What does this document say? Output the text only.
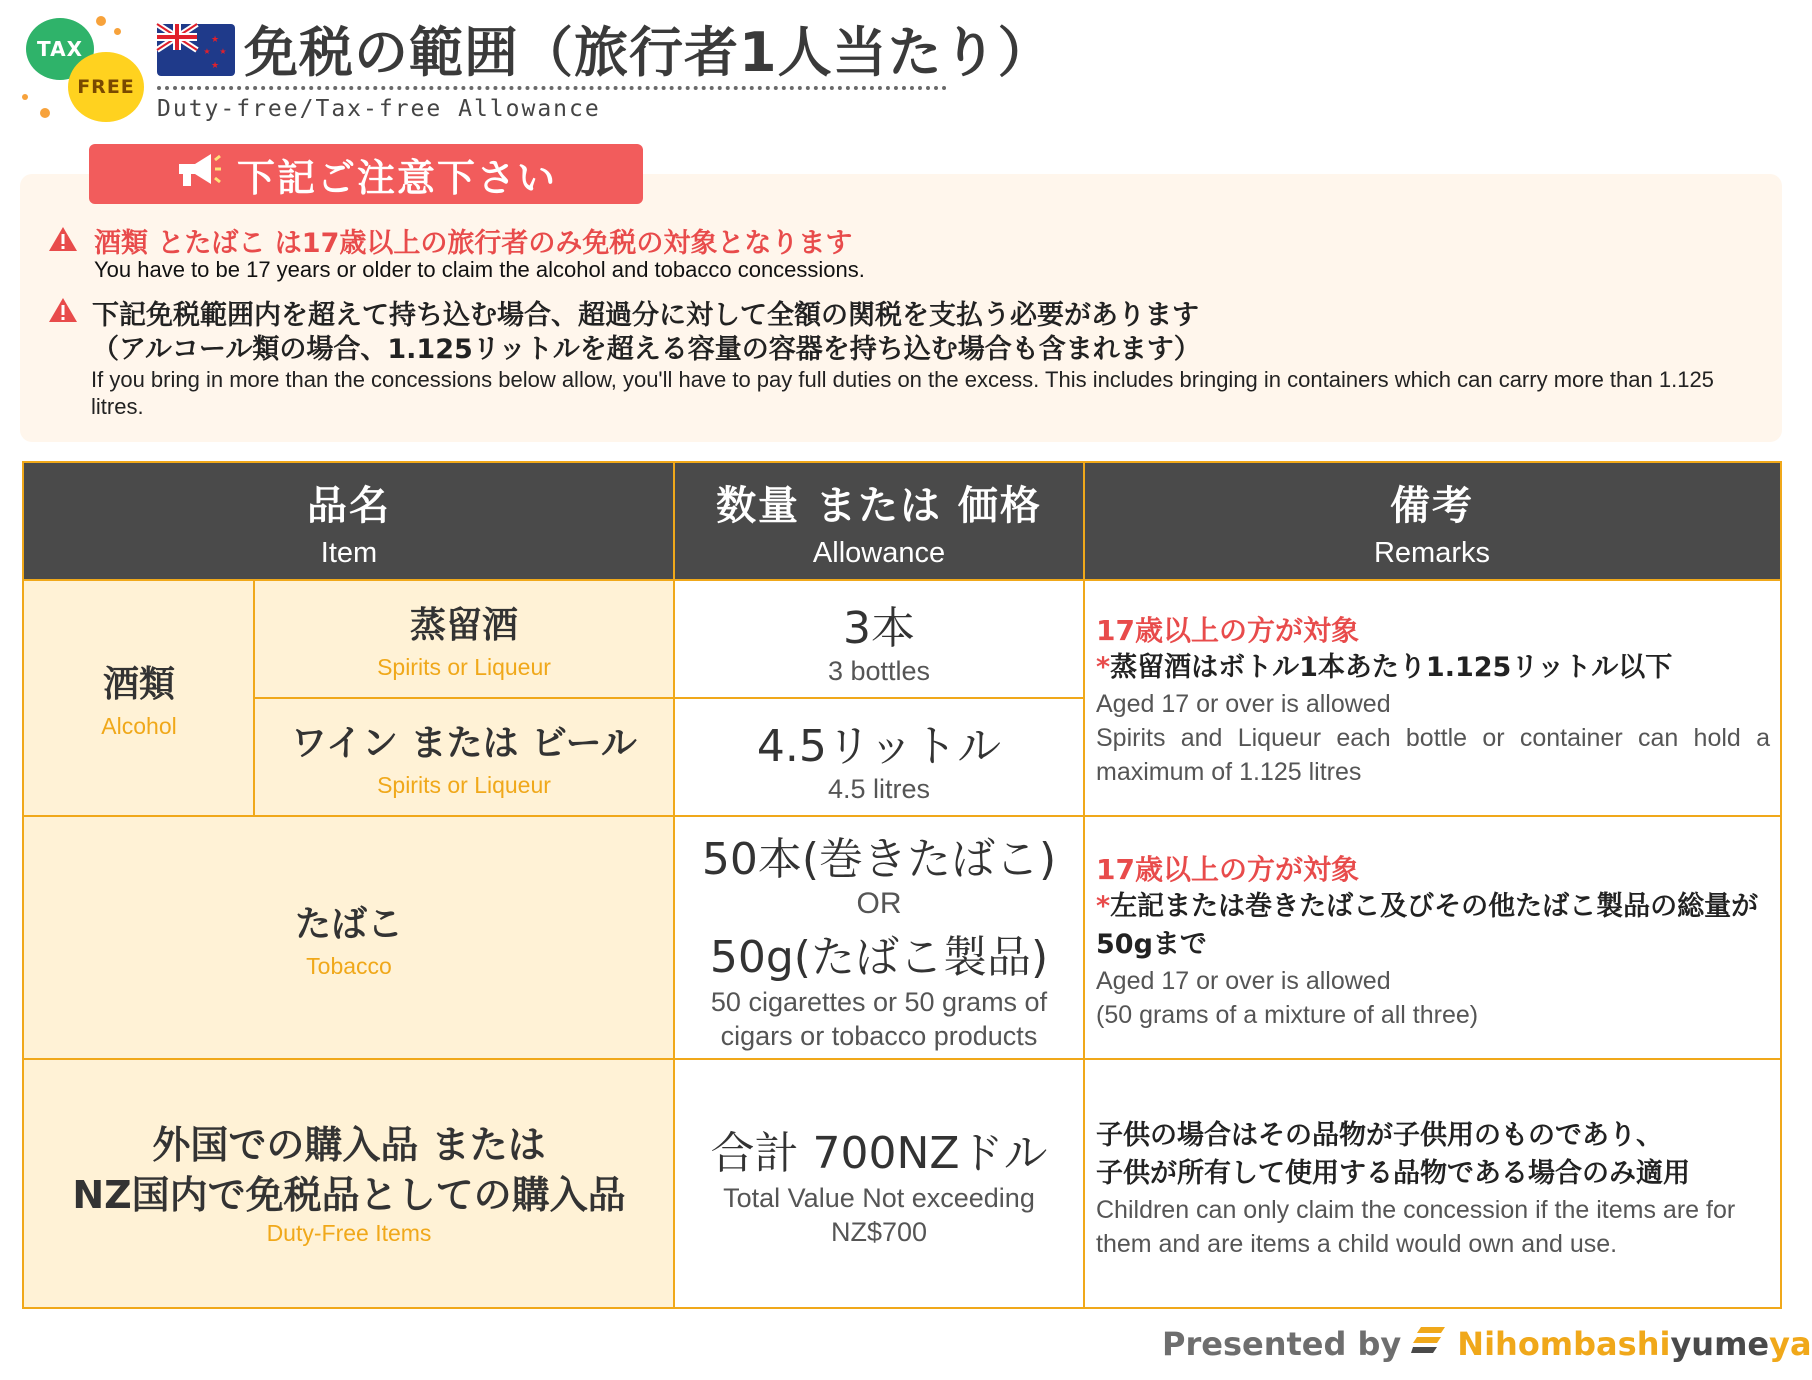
TAX
FREE
★
★ ★
★ 免税の範囲（旅行者1人当たり）
Duty-free/Tax-free Allowance
下記ご注意下さい
酒類 とたばこ は17歳以上の旅行者のみ免税の対象となります
You have to be 17 years or older to claim the alcohol and tobacco concessions.
下記免税範囲内を超えて持ち込む場合、超過分に対して全額の関税を支払う必要があります
（アルコール類の場合、1.125リットルを超える容量の容器を持ち込む場合も含まれます）
If you bring in more than the concessions below allow, you'll have to pay full duties on the excess. This includes bringing in containers which can carry more than 1.125 litres.
品名
Item
数量 または 価格
Allowance
備考
Remarks
酒類
Alcohol
蒸留酒
Spirits or Liqueur
ワイン または ビール
Spirits or Liqueur
3本
3 bottles
4.5リットル
4.5 litres
17歳以上の方が対象
*蒸留酒はボトル1本あたり1.125リットル以下
Aged 17 or over is allowed
Spirits and Liqueur each bottle or container can hold a maximum of 1.125 litres
たばこ
Tobacco
50本(巻きたばこ)
OR
50g(たばこ製品)
50 cigarettes or 50 grams of cigars or tobacco products
17歳以上の方が対象
*左記または巻きたばこ及びその他たばこ製品の総量が50gまで
Aged 17 or over is allowed
(50 grams of a mixture of all three)
外国での購入品 または
NZ国内で免税品としての購入品
Duty-Free Items
合計 700NZドル
Total Value Not exceeding NZ$700
子供の場合はその品物が子供用のものであり、
子供が所有して使用する品物である場合のみ適用
Children can only claim the concession if the items are for them and are items a child would own and use.
Presented by Nihombashiyumeya
